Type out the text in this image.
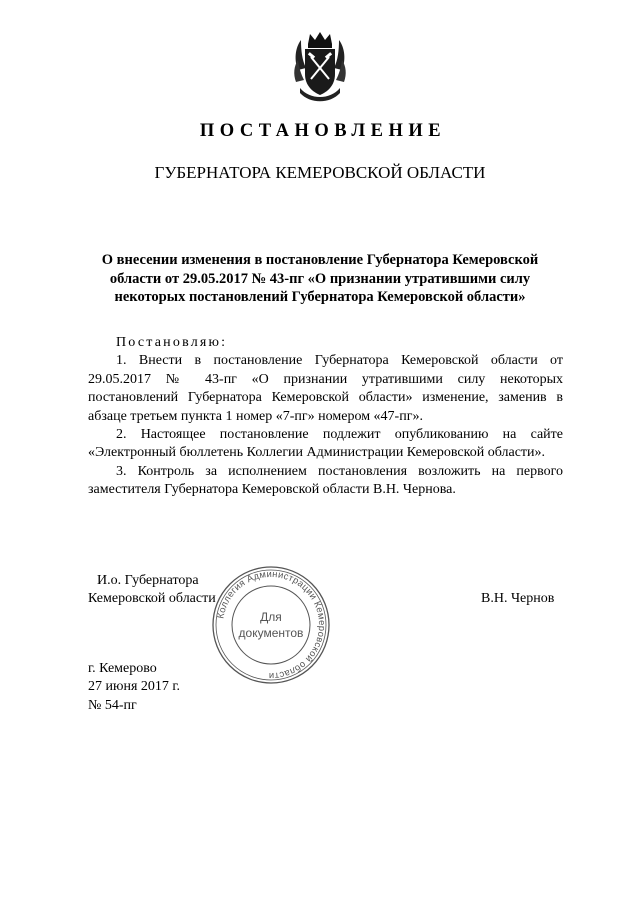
ПОСТАНОВЛЕНИЕ
ГУБЕРНАТОРА КЕМЕРОВСКОЙ ОБЛАСТИ
О внесении изменения в постановление Губернатора Кемеровской
области от 29.05.2017 № 43-пг «О признании утратившими силу
некоторых постановлений Губернатора Кемеровской области»
Постановляю:

1. Внести в постановление Губернатора Кемеровской области от 29.05.2017 № 43-пг «О признании утратившими силу некоторых постановлений Губернатора Кемеровской области» изменение, заменив в абзаце третьем пункта 1 номер «7-пг» номером «47-пг».

2. Настоящее постановление подлежит опубликованию на сайте «Электронный бюллетень Коллегии Администрации Кемеровской области».

3. Контроль за исполнением постановления возложить на первого заместителя Губернатора Кемеровской области В.Н. Чернова.

И.о. Губернатора
Кемеровской области	В.Н. Чернов
Коллегия Администрации Кемеровской области
Для
документов
г. Кемерово
27 июня 2017 г.
№ 54-пг
